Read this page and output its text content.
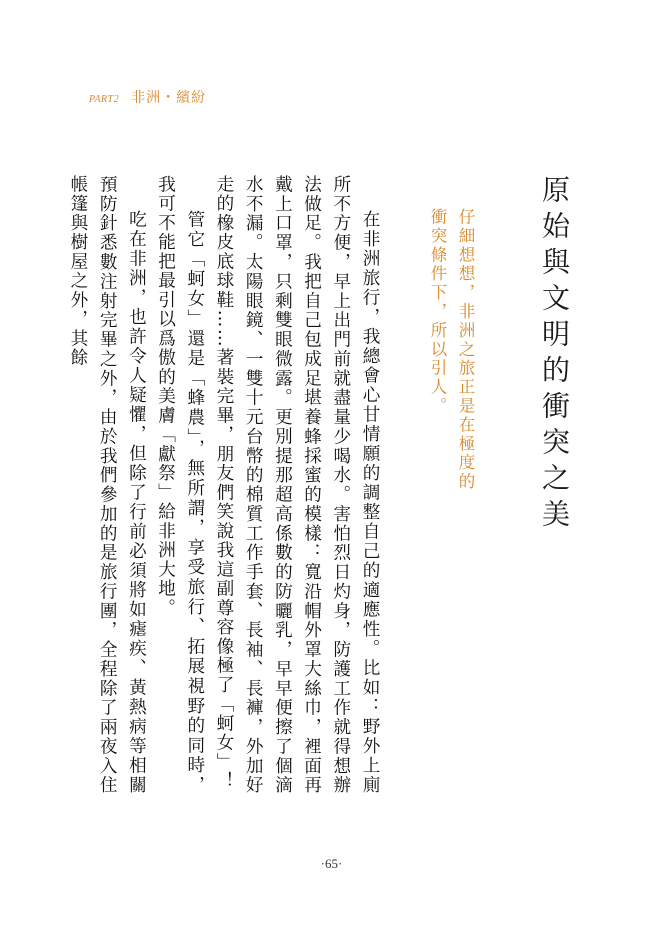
PART2 非洲・繽紛
原始與文明的衝突之美
仔細想想，非洲之旅正是在極度的衝突條件下，所以引人。

在非洲旅行，我總會心甘情願的調整自己的適應性。比如：野外上廁所不方便，早上出門前就盡量少喝水。害怕烈日灼身，防護工作就得想辦法做足。我把自己包成足堪養蜂採蜜的模樣：寬沿帽外罩大絲巾，裡面再戴上口罩，只剩雙眼微露。更別提那超高係數的防曬乳，早早便擦了個滴水不漏。太陽眼鏡、一雙十元台幣的棉質工作手套、長袖、長褲，外加好走的橡皮底球鞋……著裝完畢，朋友們笑說我這副尊容像極了「蚵女」！

管它「蚵女」還是「蜂農」，無所謂，享受旅行、拓展視野的同時，我可不能把最引以爲傲的美膚「獻祭」給非洲大地。

吃在非洲，也許令人疑懼，但除了行前必須將如瘧疾、黃熱病等相關預防針悉數注射完畢之外，由於我們參加的是旅行團，全程除了兩夜入住帳篷與樹屋之外，其餘

·65·
